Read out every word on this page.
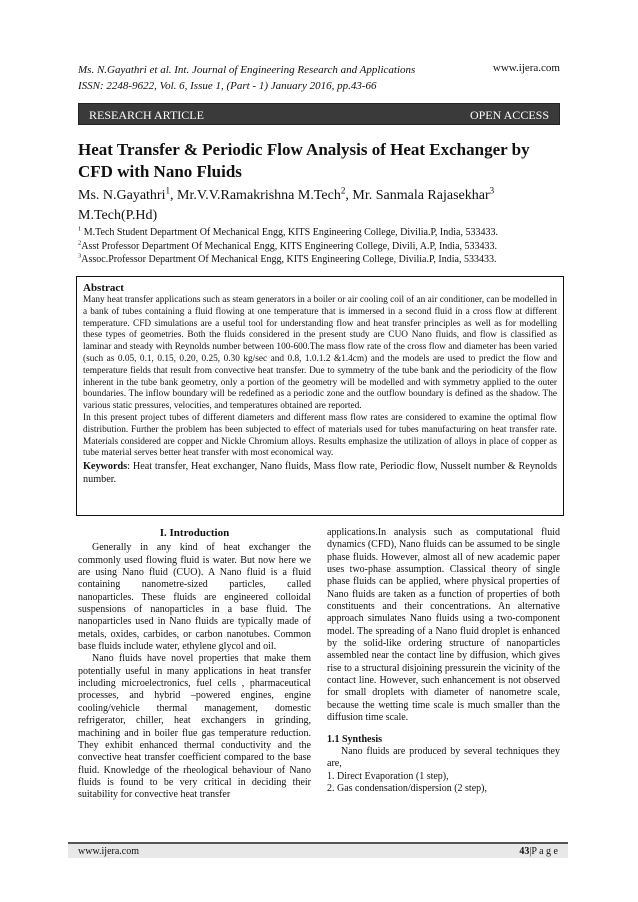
Ms. N.Gayathri et al. Int. Journal of Engineering Research and Applications
ISSN: 2248-9622, Vol. 6, Issue 1, (Part - 1) January 2016, pp.43-66
www.ijera.com
RESEARCH ARTICLE	OPEN ACCESS
Heat Transfer & Periodic Flow Analysis of Heat Exchanger by CFD with Nano Fluids
Ms. N.Gayathri$^1$, Mr.V.V.Ramakrishna M.Tech$^2$, Mr. Sanmala Rajasekhar$^3$
M.Tech(P.Hd)
$^1$ M.Tech Student Department Of Mechanical Engg, KITS Engineering College, Divilia.P, India, 533433.
$^2$Asst Professor Department Of Mechanical Engg, KITS Engineering College, Divili, A.P, India, 533433.
$^3$Assoc.Professor Department Of Mechanical Engg, KITS Engineering College, Divilia.P, India, 533433.
Abstract

Many heat transfer applications such as steam generators in a boiler or air cooling coil of an air conditioner, can be modelled in a bank of tubes containing a fluid flowing at one temperature that is immersed in a second fluid in a cross flow at different temperature. CFD simulations are a useful tool for understanding flow and heat transfer principles as well as for modelling these types of geometries. Both the fluids considered in the present study are CUO Nano fluids, and flow is classified as laminar and steady with Reynolds number between 100-600.The mass flow rate of the cross flow and diameter has been varied (such as 0.05, 0.1, 0.15, 0.20, 0.25, 0.30 kg/sec and 0.8, 1.0.1.2 &1.4cm) and the models are used to predict the flow and temperature fields that result from convective heat transfer. Due to symmetry of the tube bank and the periodicity of the flow inherent in the tube bank geometry, only a portion of the geometry will be modelled and with symmetry applied to the outer boundaries. The inflow boundary will be redefined as a periodic zone and the outflow boundary is defined as the shadow. The various static pressures, velocities, and temperatures obtained are reported.

In this present project tubes of different diameters and different mass flow rates are considered to examine the optimal flow distribution. Further the problem has been subjected to effect of materials used for tubes manufacturing on heat transfer rate. Materials considered are copper and Nickle Chromium alloys. Results emphasize the utilization of alloys in place of copper as tube material serves better heat transfer with most economical way.

Keywords: Heat transfer, Heat exchanger, Nano fluids, Mass flow rate, Periodic flow, Nusselt number & Reynolds number.
I. Introduction

Generally in any kind of heat exchanger the commonly used flowing fluid is water. But now here we are using Nano fluid (CUO). A Nano fluid is a fluid containing nanometre-sized particles, called nanoparticles. These fluids are engineered colloidal suspensions of nanoparticles in a base fluid. The nanoparticles used in Nano fluids are typically made of metals, oxides, carbides, or carbon nanotubes. Common base fluids include water, ethylene glycol and oil.

Nano fluids have novel properties that make them potentially useful in many applications in heat transfer including microelectronics, fuel cells , pharmaceutical processes, and hybrid –powered engines, engine cooling/vehicle thermal management, domestic refrigerator, chiller, heat exchangers in grinding, machining and in boiler flue gas temperature reduction. They exhibit enhanced thermal conductivity and the convective heat transfer coefficient compared to the base fluid. Knowledge of the rheological behaviour of Nano fluids is found to be very critical in deciding their suitability for convective heat transfer

applications.In analysis such as computational fluid dynamics (CFD), Nano fluids can be assumed to be single phase fluids. However, almost all of new academic paper uses two-phase assumption. Classical theory of single phase fluids can be applied, where physical properties of Nano fluids are taken as a function of properties of both constituents and their concentrations. An alternative approach simulates Nano fluids using a two-component model. The spreading of a Nano fluid droplet is enhanced by the solid-like ordering structure of nanoparticles assembled near the contact line by diffusion, which gives rise to a structural disjoining pressurein the vicinity of the contact line. However, such enhancement is not observed for small droplets with diameter of nanometre scale, because the wetting time scale is much smaller than the diffusion time scale.

1.1 Synthesis

Nano fluids are produced by several techniques they are,

1. Direct Evaporation (1 step),

2. Gas condensation/dispersion (2 step),

www.ijera.com	43|P a g e
